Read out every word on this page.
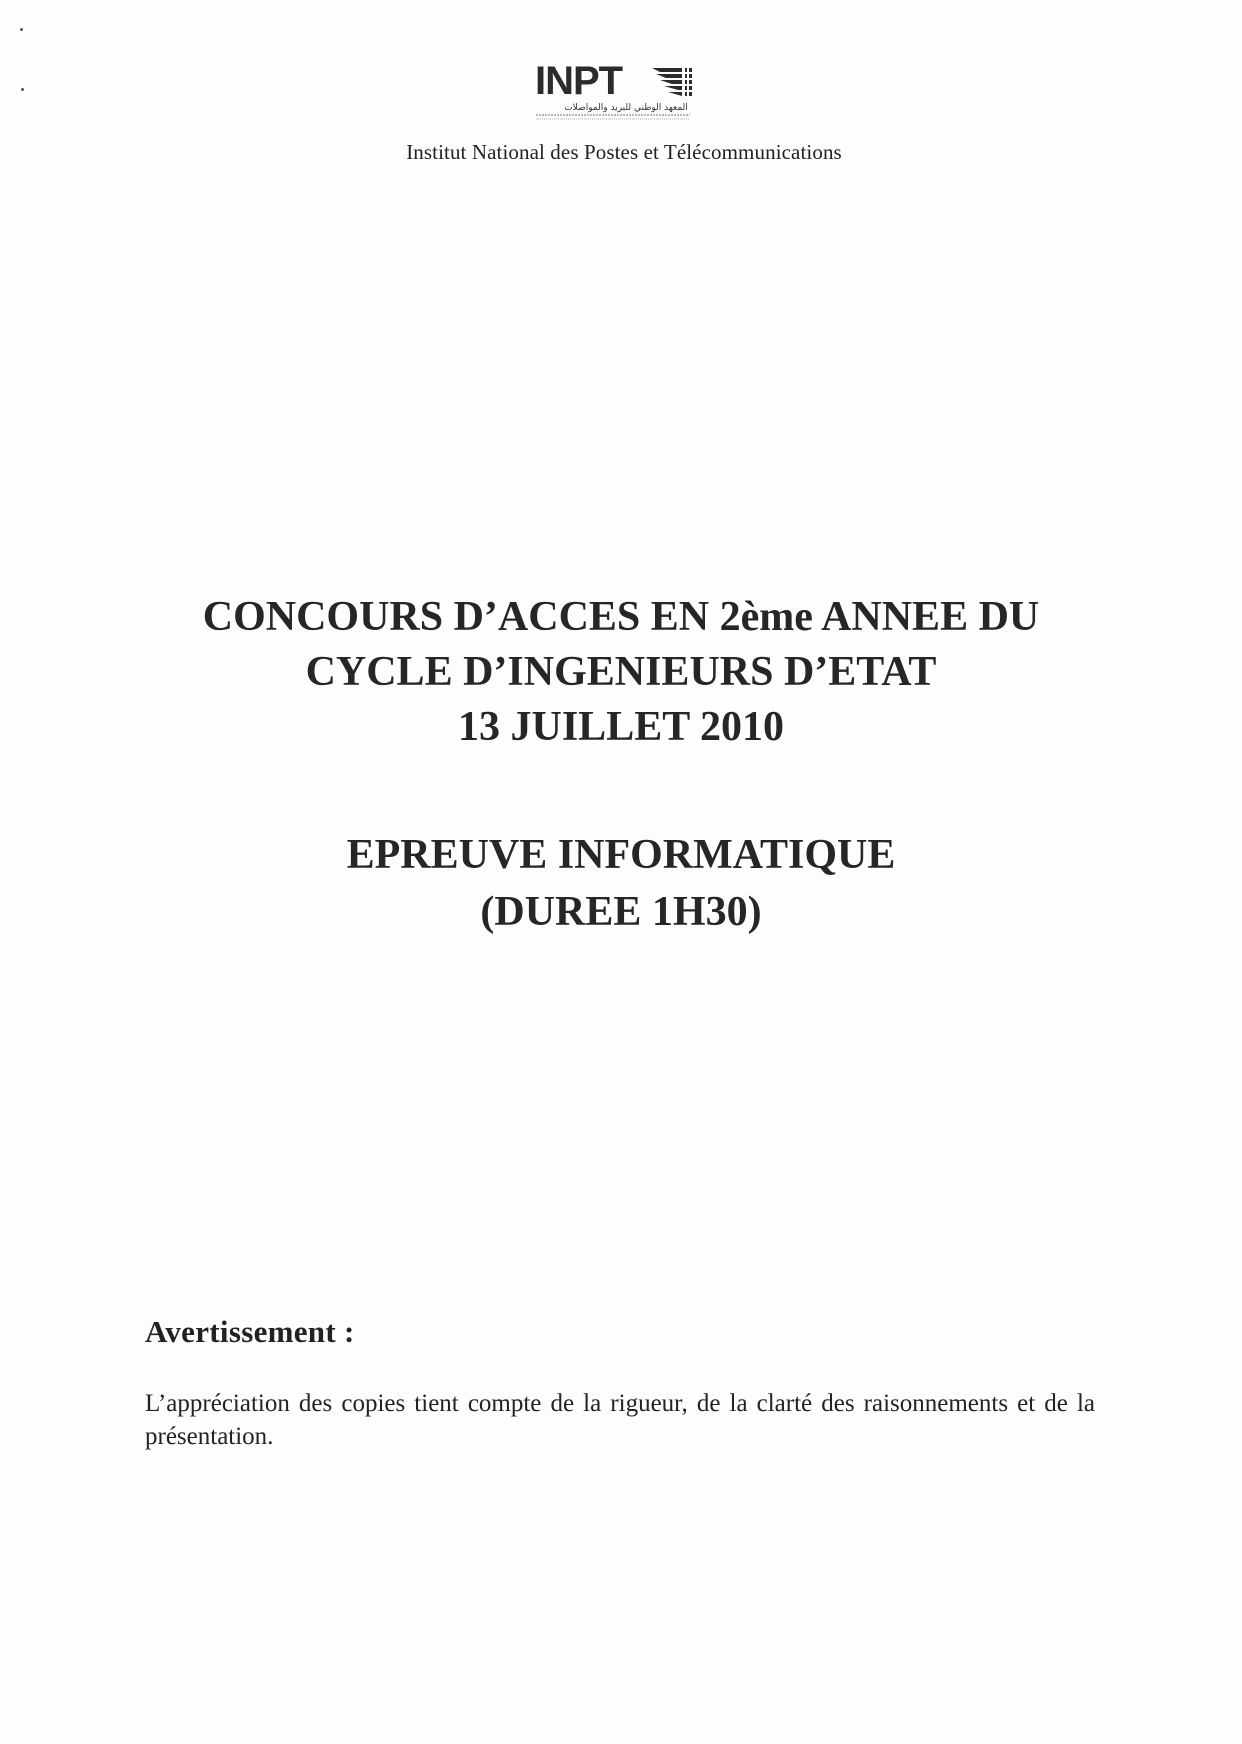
INPT
المعهد الوطني للبريد والمواصلات
Institut National des Postes et Télécommunications
CONCOURS D’ACCES EN 2ème ANNEE DU
CYCLE D’INGENIEURS D’ETAT
13 JUILLET 2010
EPREUVE INFORMATIQUE
(DUREE 1H30)
Avertissement :
L’appréciation des copies tient compte de la rigueur, de la clarté des raisonnements et de la présentation.
